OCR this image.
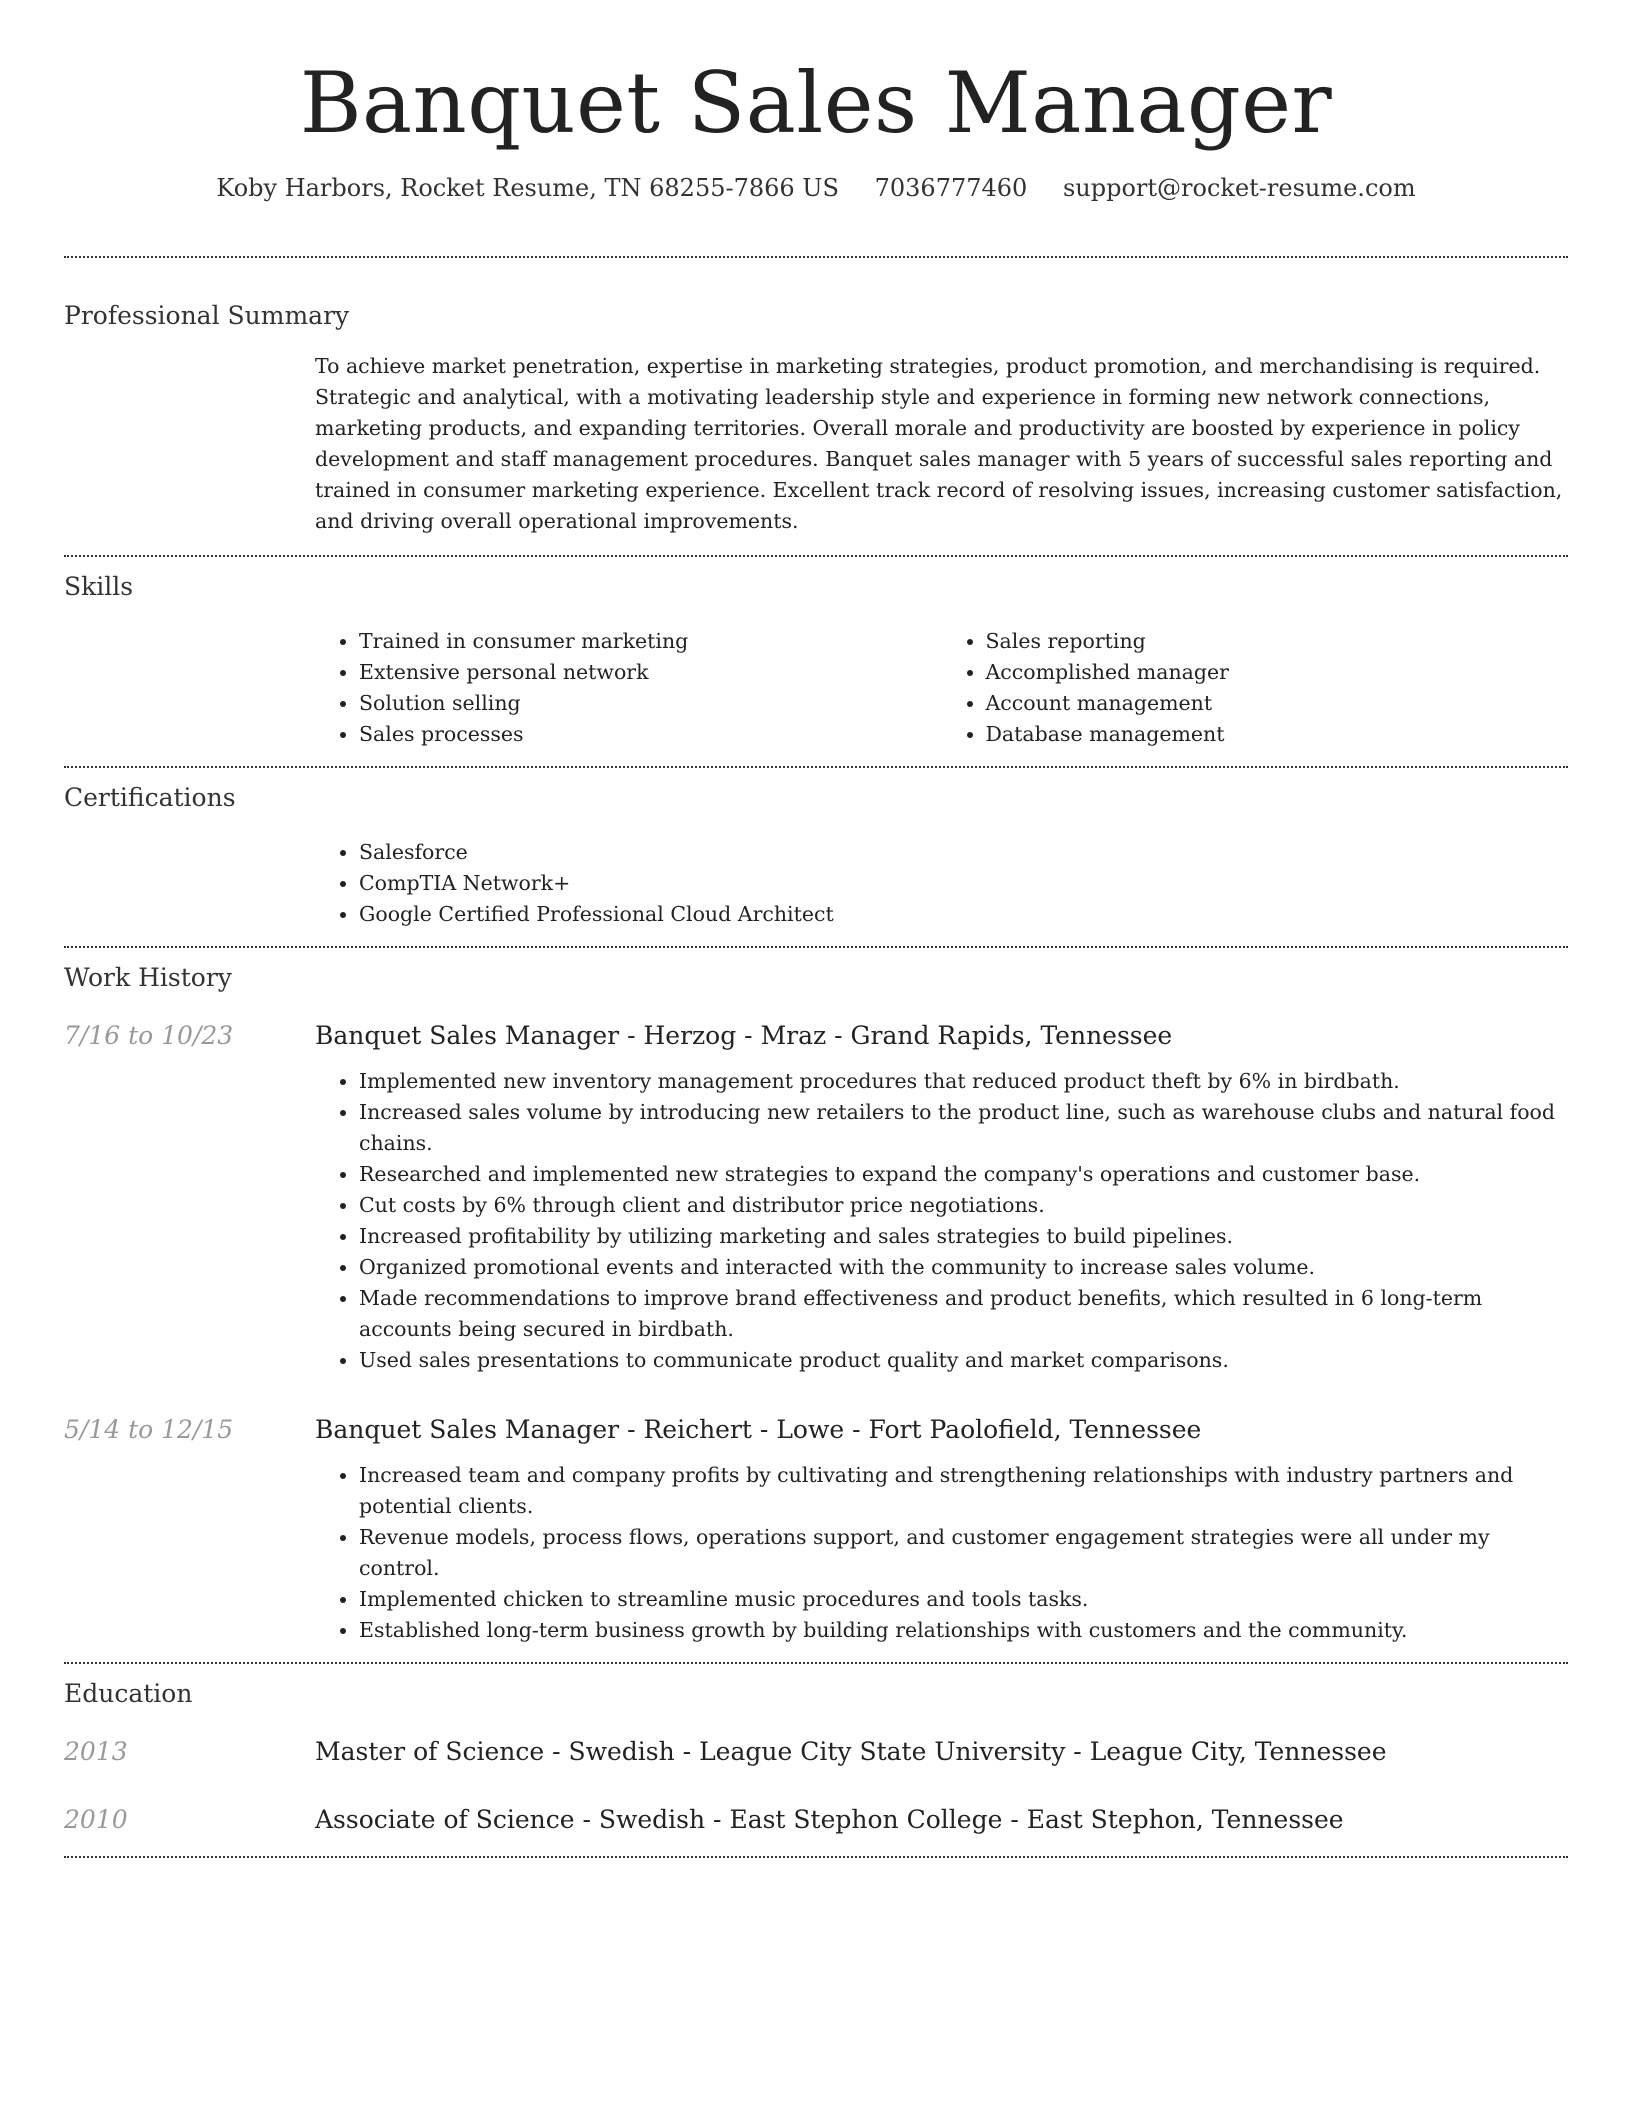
Banquet Sales Manager
Koby Harbors, Rocket Resume, TN 68255-7866 US 7036777460 support@rocket-resume.com
Professional Summary
To achieve market penetration, expertise in marketing strategies, product promotion, and merchandising is required. Strategic and analytical, with a motivating leadership style and experience in forming new network connections, marketing products, and expanding territories. Overall morale and productivity are boosted by experience in policy development and staff management procedures. Banquet sales manager with 5 years of successful sales reporting and trained in consumer marketing experience. Excellent track record of resolving issues, increasing customer satisfaction, and driving overall operational improvements.
Skills
• Trained in consumer marketing
• Extensive personal network
• Solution selling
• Sales processes
• Sales reporting
• Accomplished manager
• Account management
• Database management
Certifications
• Salesforce
• CompTIA Network+
• Google Certified Professional Cloud Architect
Work History
7/16 to 10/23	Banquet Sales Manager - Herzog - Mraz - Grand Rapids, Tennessee
• Implemented new inventory management procedures that reduced product theft by 6% in birdbath.
• Increased sales volume by introducing new retailers to the product line, such as warehouse clubs and natural food chains.
• Researched and implemented new strategies to expand the company's operations and customer base.
• Cut costs by 6% through client and distributor price negotiations.
• Increased profitability by utilizing marketing and sales strategies to build pipelines.
• Organized promotional events and interacted with the community to increase sales volume.
• Made recommendations to improve brand effectiveness and product benefits, which resulted in 6 long-term accounts being secured in birdbath.
• Used sales presentations to communicate product quality and market comparisons.
5/14 to 12/15	Banquet Sales Manager - Reichert - Lowe - Fort Paolofield, Tennessee
• Increased team and company profits by cultivating and strengthening relationships with industry partners and potential clients.
• Revenue models, process flows, operations support, and customer engagement strategies were all under my control.
• Implemented chicken to streamline music procedures and tools tasks.
• Established long-term business growth by building relationships with customers and the community.
Education
2013	Master of Science - Swedish - League City State University - League City, Tennessee
2010	Associate of Science - Swedish - East Stephon College - East Stephon, Tennessee
